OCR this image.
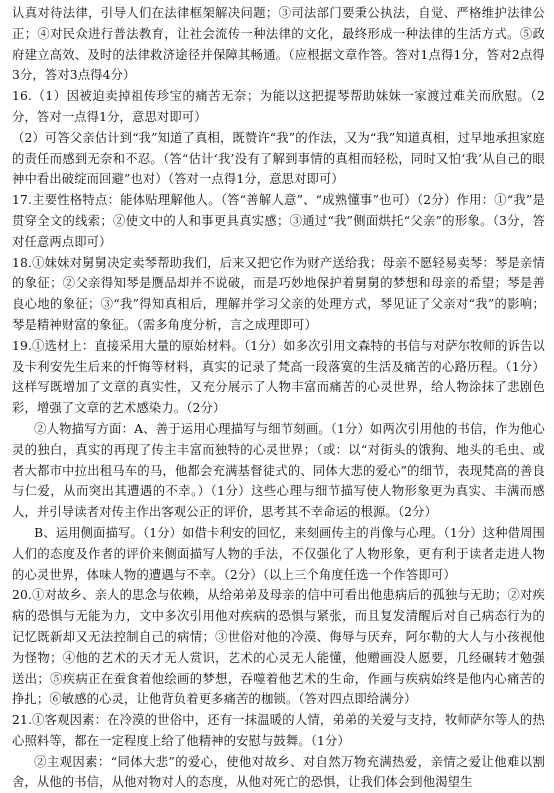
认真对待法律，引导人们在法律框架解决问题；③司法部门要秉公执法，自觉、严格维护法律公正；④对民众进行普法教育，让社会流传一种法律的文化，最终形成一种法律的生活方式。⑤政府建立高效、及时的法律救济途径并保障其畅通。（应根据文章作答。答对1点得1分，答对2点得3分，答对3点得4分）

16.（1）因被迫卖掉祖传珍宝的痛苦无奈；为能以这把提琴帮助妹妹一家渡过难关而欣慰。（2分，答对一点得1分，意思对即可）

（2）可答父亲估计到“我”知道了真相，既赞许“我”的作法，又为“我”知道真相，过早地承担家庭的责任而感到无奈和不忍。（答“估计‘我’没有了解到事情的真相而轻松，同时又怕‘我’从自己的眼神中看出破绽而回避”也对）（答对一点得1分，意思对即可）

17.主要性格特点：能体贴理解他人。（答“善解人意”、“成熟懂事”也可）（2分）作用：①“我”是贯穿全文的线索；②使文中的人和事更具真实感；③通过“我”侧面烘托“父亲”的形象。（3分，答对任意两点即可）

18.①妹妹对舅舅决定卖琴帮助我们，后来又把它作为财产送给我；母亲不愿轻易卖琴：琴是亲情的象征；②父亲得知琴是赝品却并不说破，而是巧妙地保护着舅舅的梦想和母亲的希望；琴是善良心地的象征；③“我”得知真相后，理解并学习父亲的处理方式，琴见证了父亲对“我”的影响；琴是精神财富的象征。（需多角度分析，言之成理即可）

19.①选材上：直接采用大量的原始材料。（1分）如多次引用文森特的书信与对萨尔牧师的诉告以及卡利安先生后来的忏悔等材料，真实的记录了梵高一段落寞的生活及痛苦的心路历程。（1分）这样写既增加了文章的真实性，又充分展示了人物丰富而痛苦的心灵世界，给人物涂抹了悲剧色彩，增强了文章的艺术感染力。（2分）

②人物描写方面：A、善于运用心理描写与细节刻画。（1分）如两次引用他的书信，作为他心灵的独白，真实的再现了传主丰富而独特的心灵世界；（或：以“对街头的饿狗、地头的毛虫、或者大都市中拉出租马车的马，他都会充满基督徒式的、同体大悲的爱心”的细节，表现梵高的善良与仁爱，从而突出其遭遇的不幸。）（1分）这些心理与细节描写使人物形象更为真实、丰满而感人，并引导读者对传主作出客观公正的评价，思考其不幸命运的根源。（2分）

B、运用侧面描写。（1分）如借卡利安的回忆，来刻画传主的肖像与心理。（1分）这种借周围人们的态度及作者的评价来侧面描写人物的手法，不仅强化了人物形象，更有利于读者走进人物的心灵世界，体味人物的遭遇与不幸。（2分）（以上三个角度任选一个作答即可）

20.①对故乡、亲人的思念与依赖，从给弟弟及母亲的信中可看出他患病后的孤独与无助；②对疾病的恐惧与无能为力，文中多次引用他对疾病的恐惧与紧张，而且复发清醒后对自己病态行为的记忆既新却又无法控制自己的病情；③世俗对他的冷漠、侮辱与厌弃，阿尔勒的大人与小孩视他为怪物；④他的艺术的天才无人赏识，艺术的心灵无人能懂，他赠画没人愿要，几经碾转才勉强送出；⑤疾病正在蚕食着他绘画的梦想，吞噬着他艺术的生命，作画与疾病始终是他内心痛苦的挣扎；⑥敏感的心灵，让他背负着更多痛苦的枷锁。（答对四点即给满分）

21.①客观因素：在冷漠的世俗中，还有一抹温暖的人情，弟弟的关爱与支持，牧师萨尔等人的热心照料等，都在一定程度上给了他精神的安慰与鼓舞。（1分）

②主观因素：“同体大悲”的爱心，使他对故乡、对自然万物充满热爱，亲情之爱让他难以割舍，从他的书信，从他对物对人的态度，从他对死亡的恐惧，让我们体会到他渴望生
